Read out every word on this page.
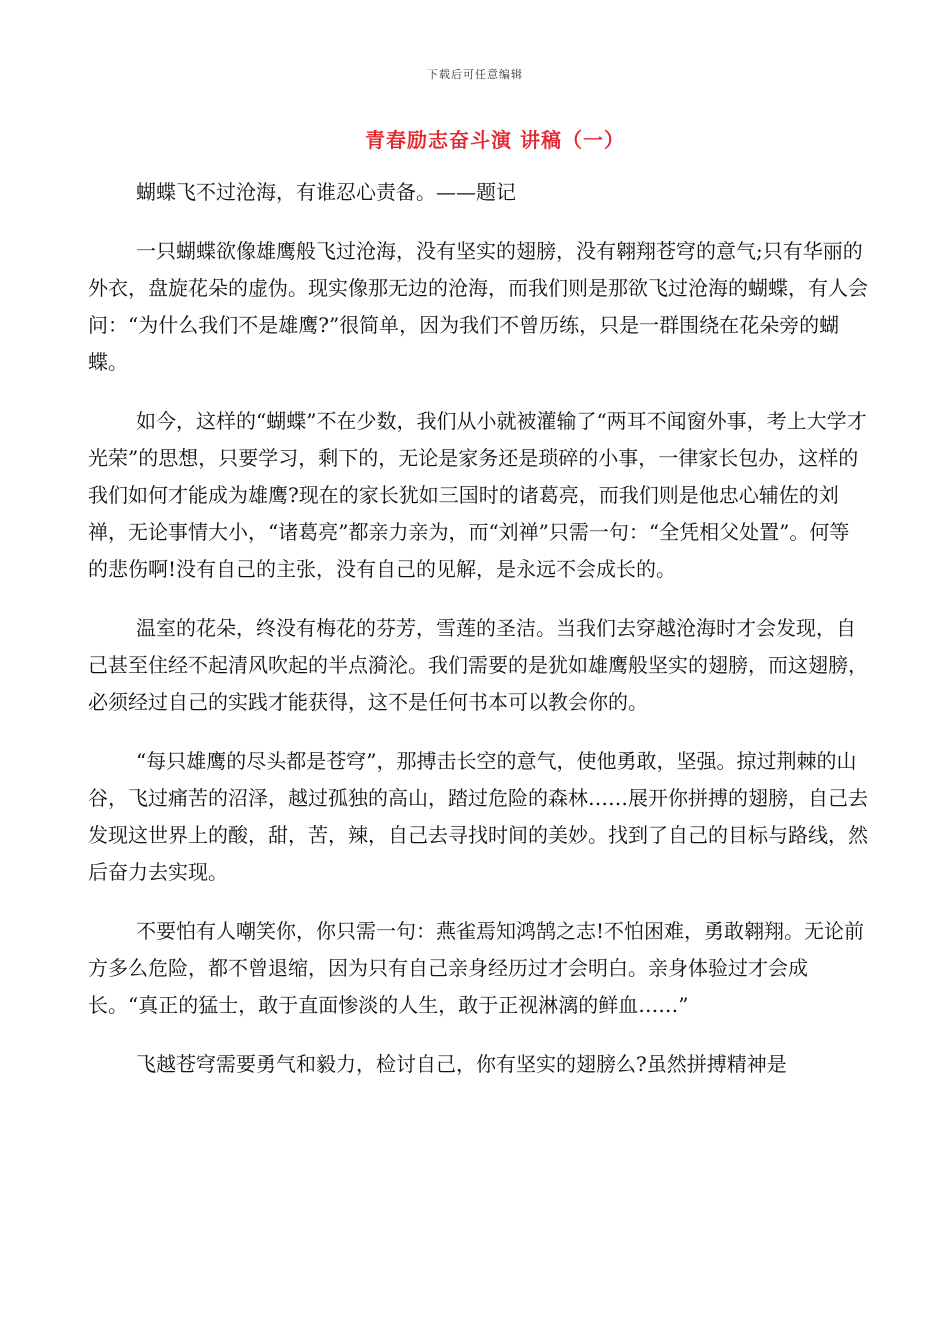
下载后可任意编辑
青春励志奋斗演 讲稿（一）

蝴蝶飞不过沧海，有谁忍心责备。——题记

一只蝴蝶欲像雄鹰般飞过沧海，没有坚实的翅膀，没有翱翔苍穹的意气;只有华丽的外衣，盘旋花朵的虚伪。现实像那无边的沧海，而我们则是那欲飞过沧海的蝴蝶，有人会问：“为什么我们不是雄鹰?”很简单，因为我们不曾历练，只是一群围绕在花朵旁的蝴蝶。

如今，这样的“蝴蝶”不在少数，我们从小就被灌输了“两耳不闻窗外事，考上大学才光荣”的思想，只要学习，剩下的，无论是家务还是琐碎的小事，一律家长包办，这样的我们如何才能成为雄鹰?现在的家长犹如三国时的诸葛亮，而我们则是他忠心辅佐的刘禅，无论事情大小，“诸葛亮”都亲力亲为，而“刘禅”只需一句：“全凭相父处置”。何等的悲伤啊!没有自己的主张，没有自己的见解，是永远不会成长的。

温室的花朵，终没有梅花的芬芳，雪莲的圣洁。当我们去穿越沧海时才会发现，自己甚至住经不起清风吹起的半点漪沦。我们需要的是犹如雄鹰般坚实的翅膀，而这翅膀，必须经过自己的实践才能获得，这不是任何书本可以教会你的。

“每只雄鹰的尽头都是苍穹”，那搏击长空的意气，使他勇敢，坚强。掠过荆棘的山谷，飞过痛苦的沼泽，越过孤独的高山，踏过危险的森林……展开你拼搏的翅膀，自己去发现这世界上的酸，甜，苦，辣，自己去寻找时间的美妙。找到了自己的目标与路线，然后奋力去实现。

不要怕有人嘲笑你，你只需一句：燕雀焉知鸿鹄之志!不怕困难，勇敢翱翔。无论前方多么危险，都不曾退缩，因为只有自己亲身经历过才会明白。亲身体验过才会成长。“真正的猛士，敢于直面惨淡的人生，敢于正视淋漓的鲜血……”

飞越苍穹需要勇气和毅力，检讨自己，你有坚实的翅膀么?虽然拼搏精神是
